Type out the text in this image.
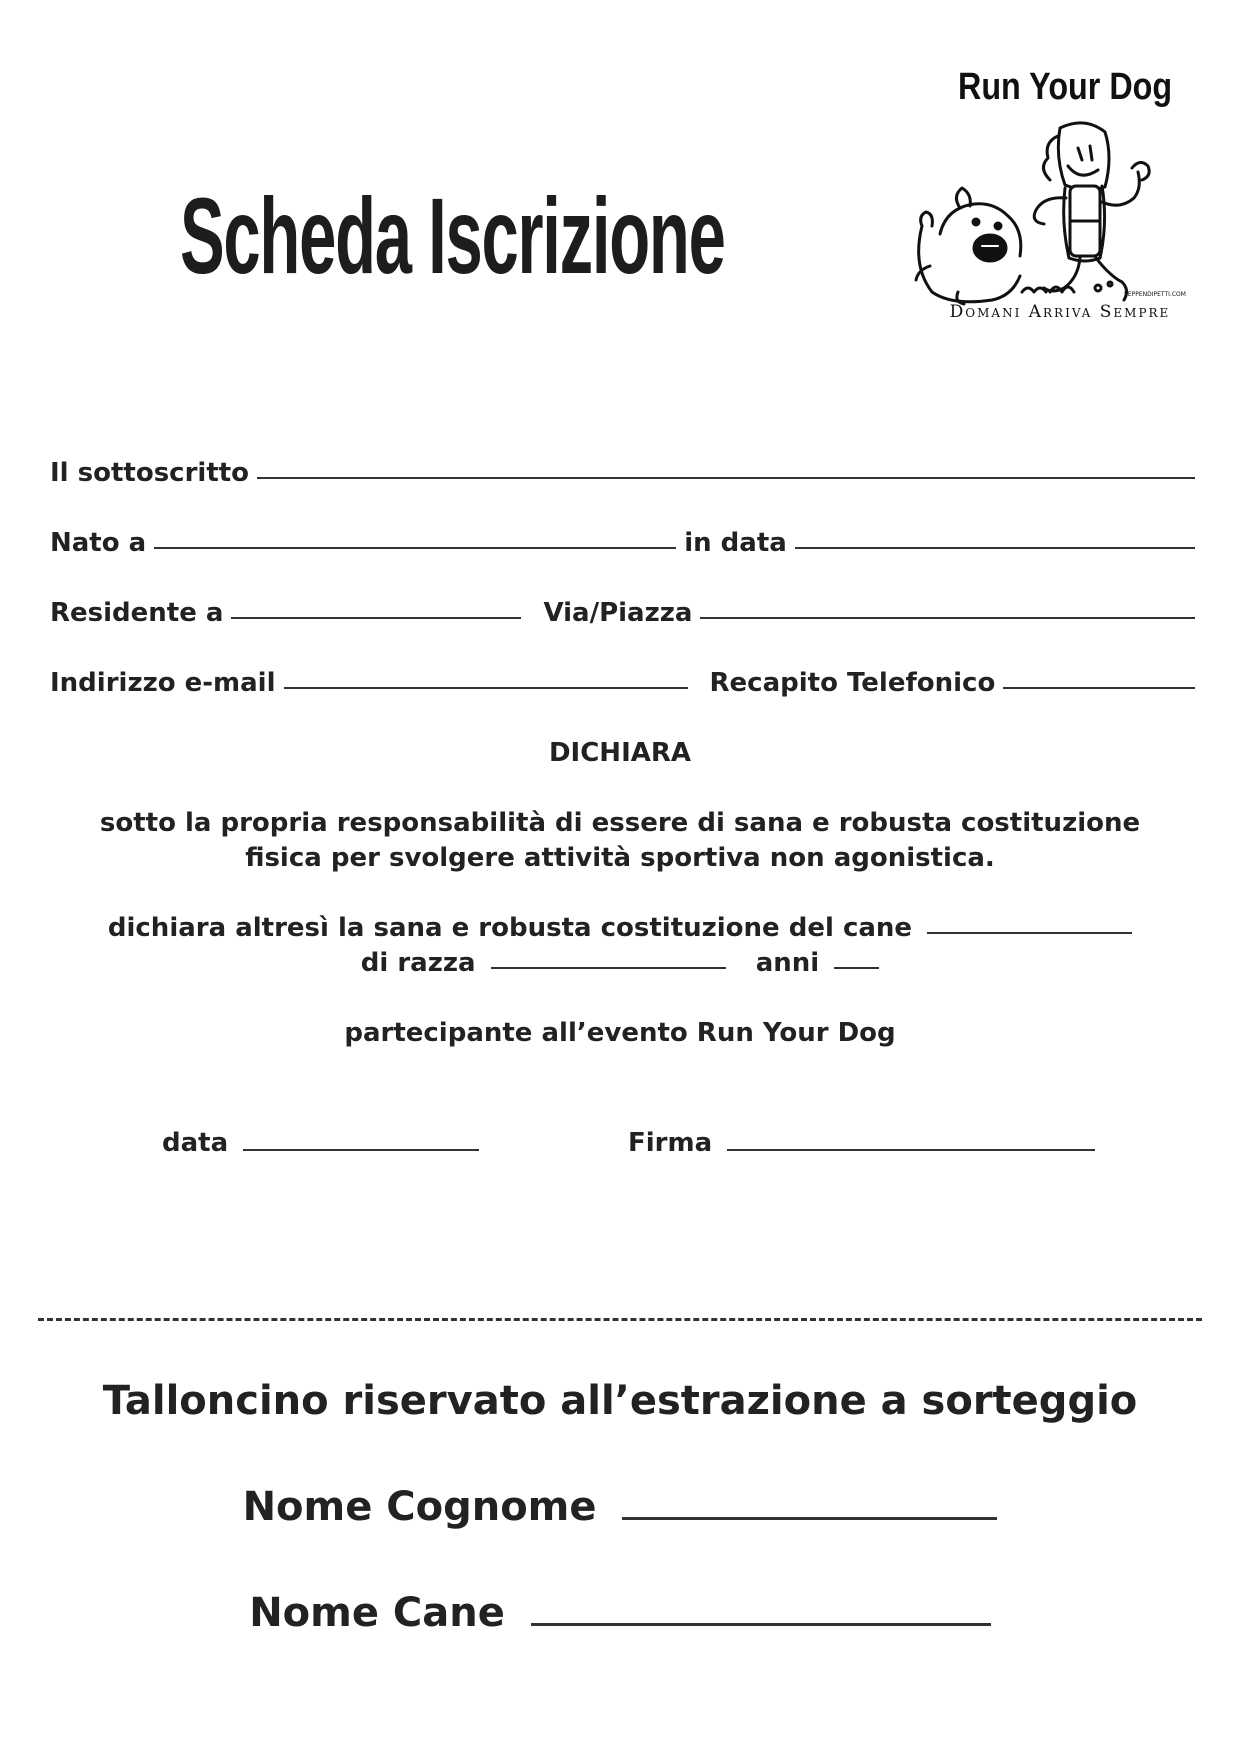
Scheda Iscrizione
Run Your Dog
SEPPENDIPETTI.COM
Domani Arriva Sempre
Il sottoscritto
Nato a	in data
Residente a	Via/Piazza
Indirizzo e-mail	Recapito Telefonico
DICHIARA
sotto la propria responsabilità di essere di sana e robusta costituzione
fisica per svolgere attività sportiva non agonistica.
dichiara altresì la sana e robusta costituzione del cane
di razza	anni
partecipante all’evento Run Your Dog
data	Firma
Talloncino riservato all’estrazione a sorteggio
Nome Cognome
Nome Cane
